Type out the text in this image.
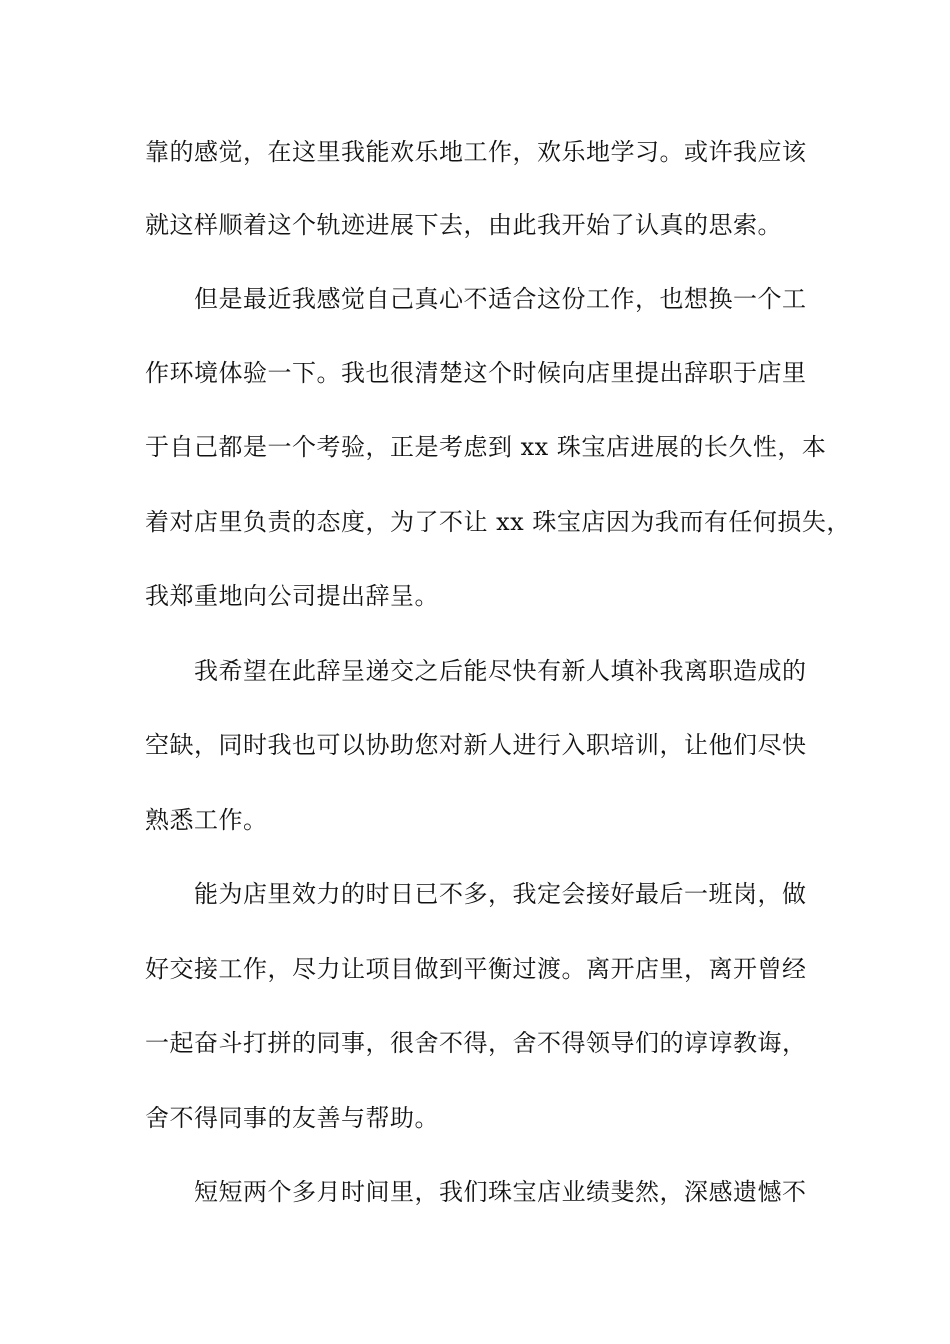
靠的感觉，在这里我能欢乐地工作，欢乐地学习。或许我应该
就这样顺着这个轨迹进展下去，由此我开始了认真的思索。
但是最近我感觉自己真心不适合这份工作，也想换一个工
作环境体验一下。我也很清楚这个时候向店里提出辞职于店里
于自己都是一个考验，正是考虑到 xx 珠宝店进展的长久性，本
着对店里负责的态度，为了不让 xx 珠宝店因为我而有任何损失，
我郑重地向公司提出辞呈。
我希望在此辞呈递交之后能尽快有新人填补我离职造成的
空缺，同时我也可以协助您对新人进行入职培训，让他们尽快
熟悉工作。
能为店里效力的时日已不多，我定会接好最后一班岗，做
好交接工作，尽力让项目做到平衡过渡。离开店里，离开曾经
一起奋斗打拼的同事，很舍不得，舍不得领导们的谆谆教诲，
舍不得同事的友善与帮助。
短短两个多月时间里，我们珠宝店业绩斐然，深感遗憾不
